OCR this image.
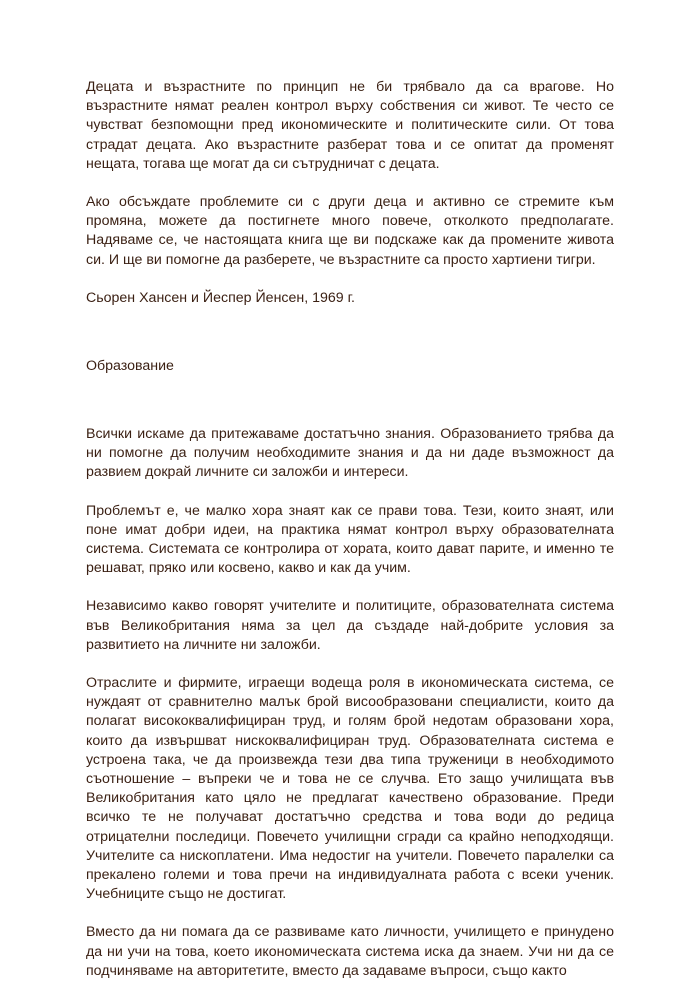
Децата и възрастните по принцип не би трябвало да са врагове. Но възрастните нямат реален контрол върху собствения си живот. Те често се чувстват безпомощни пред икономическите и политическите сили. От това страдат децата. Ако възрастните разберат това и се опитат да променят нещата, тогава ще могат да си сътрудничат с децата.

Ако обсъждате проблемите си с други деца и активно се стремите към промяна, можете да постигнете много повече, отколкото предполагате. Надяваме се, че настоящата книга ще ви подскаже как да промените живота си. И ще ви помогне да разберете, че възрастните са просто хартиени тигри.

Сьорен Хансен и Йеспер Йенсен, 1969 г.

Образование

Всички искаме да притежаваме достатъчно знания. Образованието трябва да ни помогне да получим необходимите знания и да ни даде възможност да развием докрай личните си заложби и интереси.

Проблемът е, че малко хора знаят как се прави това. Тези, които знаят, или поне имат добри идеи, на практика нямат контрол върху образователната система. Системата се контролира от хората, които дават парите, и именно те решават, пряко или косвено, какво и как да учим.

Независимо какво говорят учителите и политиците, образователната система във Великобритания няма за цел да създаде най-добрите условия за развитието на личните ни заложби.

Отраслите и фирмите, играещи водеща роля в икономическата система, се нуждаят от сравнително малък брой висообразовани специалисти, които да полагат висококвалифициран труд, и голям брой недотам образовани хора, които да извършват нискоквалифициран труд. Образователната система е устроена така, че да произвежда тези два типа труженици в необходимото съотношение – въпреки че и това не се случва. Ето защо училищата във Великобритания като цяло не предлагат качествено образование. Преди всичко те не получават достатъчно средства и това води до редица отрицателни последици. Повечето училищни сгради са крайно неподходящи. Учителите са нископлатени. Има недостиг на учители. Повечето паралелки са прекалено големи и това пречи на индивидуалната работа с всеки ученик. Учебниците също не достигат.

Вместо да ни помага да се развиваме като личности, училището е принудено да ни учи на това, което икономическата система иска да знаем. Учи ни да се подчиняваме на авторитетите, вместо да задаваме въпроси, също както
